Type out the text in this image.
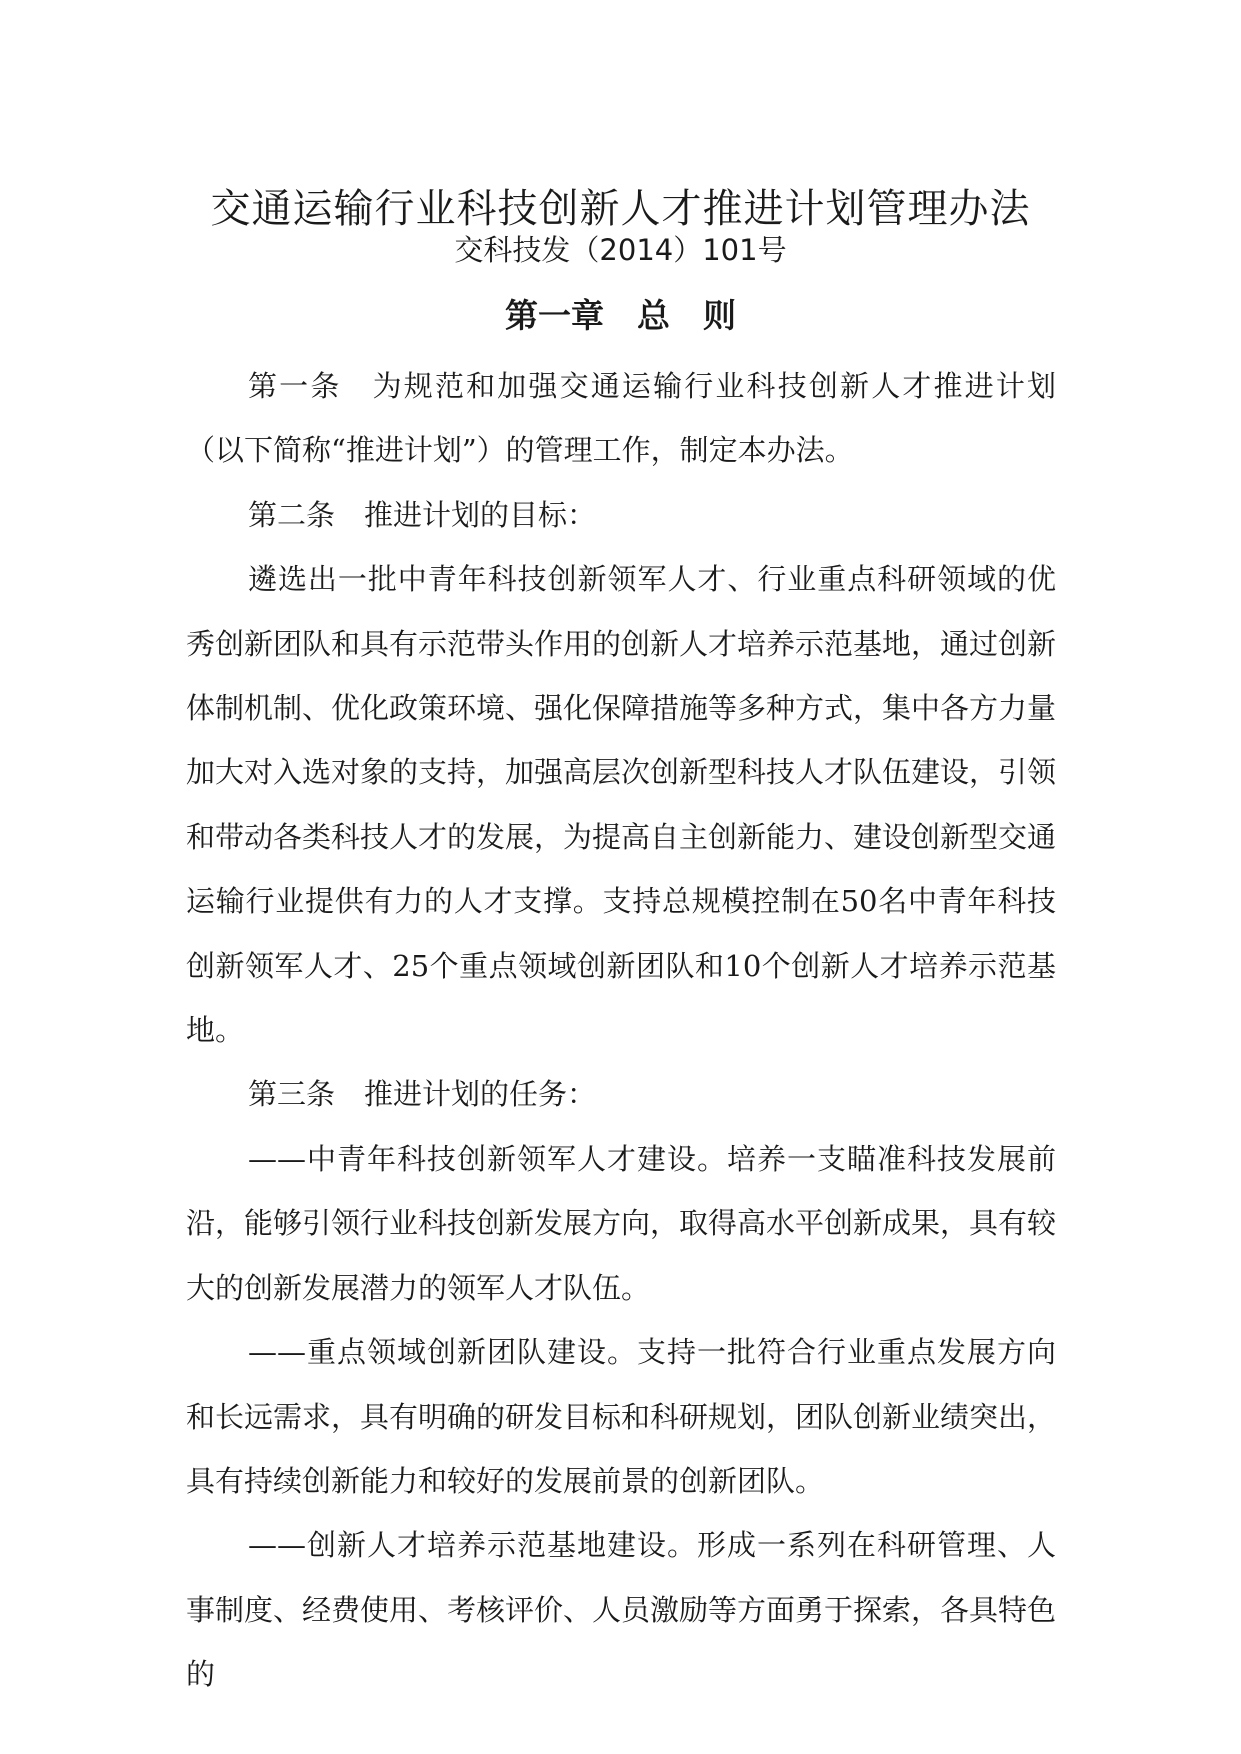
交通运输行业科技创新人才推进计划管理办法
交科技发（2014）101号
第一章　总　则

第一条　为规范和加强交通运输行业科技创新人才推进计划（以下简称“推进计划”）的管理工作，制定本办法。

第二条　推进计划的目标：

遴选出一批中青年科技创新领军人才、行业重点科研领域的优秀创新团队和具有示范带头作用的创新人才培养示范基地，通过创新体制机制、优化政策环境、强化保障措施等多种方式，集中各方力量加大对入选对象的支持，加强高层次创新型科技人才队伍建设，引领和带动各类科技人才的发展，为提高自主创新能力、建设创新型交通运输行业提供有力的人才支撑。支持总规模控制在50名中青年科技创新领军人才、25个重点领域创新团队和10个创新人才培养示范基地。

第三条　推进计划的任务：

——中青年科技创新领军人才建设。培养一支瞄准科技发展前沿，能够引领行业科技创新发展方向，取得高水平创新成果，具有较大的创新发展潜力的领军人才队伍。

——重点领域创新团队建设。支持一批符合行业重点发展方向和长远需求，具有明确的研发目标和科研规划，团队创新业绩突出，具有持续创新能力和较好的发展前景的创新团队。

——创新人才培养示范基地建设。形成一系列在科研管理、人事制度、经费使用、考核评价、人员激励等方面勇于探索，各具特色的
